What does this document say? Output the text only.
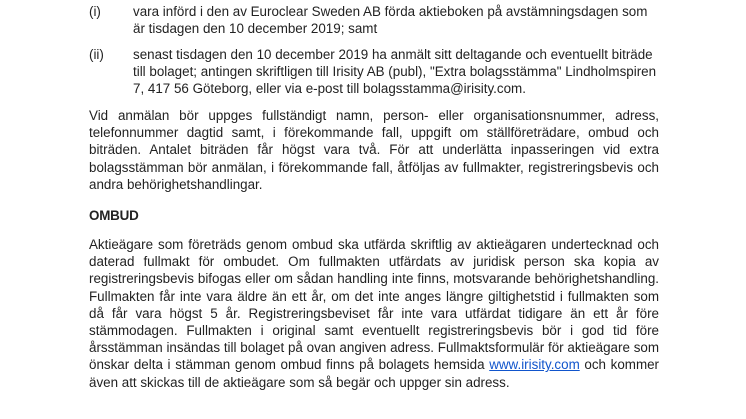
(i)	vara införd i den av Euroclear Sweden AB förda aktieboken på avstämningsdagen som är tisdagen den 10 december 2019; samt
(ii)	senast tisdagen den 10 december 2019 ha anmält sitt deltagande och eventuellt biträde till bolaget; antingen skriftligen till Irisity AB (publ), "Extra bolagsstämma" Lindholmspiren 7, 417 56 Göteborg, eller via e-post till bolagsstamma@irisity.com.
Vid anmälan bör uppges fullständigt namn, person- eller organisationsnummer, adress, telefonnummer dagtid samt, i förekommande fall, uppgift om ställföreträdare, ombud och biträden. Antalet biträden får högst vara två. För att underlätta inpasseringen vid extra bolagsstämman bör anmälan, i förekommande fall, åtföljas av fullmakter, registreringsbevis och andra behörighetshandlingar.
OMBUD
Aktieägare som företräds genom ombud ska utfärda skriftlig av aktieägaren undertecknad och daterad fullmakt för ombudet. Om fullmakten utfärdats av juridisk person ska kopia av registreringsbevis bifogas eller om sådan handling inte finns, motsvarande behörighetshandling. Fullmakten får inte vara äldre än ett år, om det inte anges längre giltighetstid i fullmakten som då får vara högst 5 år. Registreringsbeviset får inte vara utfärdat tidigare än ett år före stämmodagen. Fullmakten i original samt eventuellt registreringsbevis bör i god tid före årsstämman insändas till bolaget på ovan angiven adress. Fullmaktsformulär för aktieägare som önskar delta i stämman genom ombud finns på bolagets hemsida www.irisity.com och kommer även att skickas till de aktieägare som så begär och uppger sin adress.
